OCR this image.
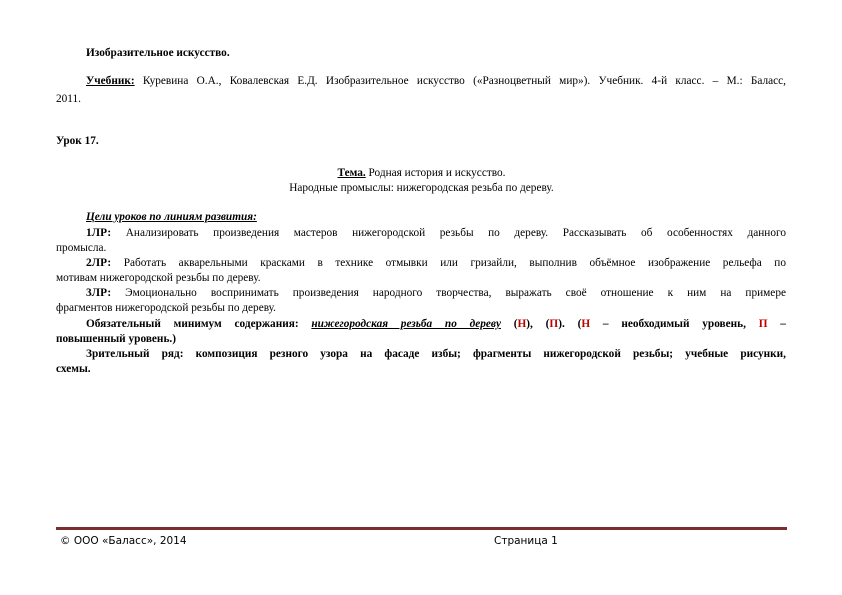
Изобразительное искусство.
Учебник: Куревина О.А., Ковалевская Е.Д. Изобразительное искусство («Разноцветный мир»). Учебник. 4-й класс. – М.: Баласс,
2011.
Урок 17.
Тема. Родная история и искусство.
Народные промыслы: нижегородская резьба по дереву.
Цели уроков по линиям развития:
1ЛР: Анализировать произведения мастеров нижегородской резьбы по дереву. Рассказывать об особенностях данного
промысла.
2ЛР: Работать акварельными красками в технике отмывки или гризайли, выполнив объёмное изображение рельефа по
мотивам нижегородской резьбы по дереву.
3ЛР: Эмоционально воспринимать произведения народного творчества, выражать своё отношение к ним на примере
фрагментов нижегородской резьбы по дереву.
Обязательный минимум содержания: нижегородская резьба по дереву (Н), (П). (Н – необходимый уровень, П –
повышенный уровень.)
Зрительный ряд: композиция резного узора на фасаде избы; фрагменты нижегородской резьбы; учебные рисунки,
схемы.
© ООО «Баласс», 2014	Страница 1
